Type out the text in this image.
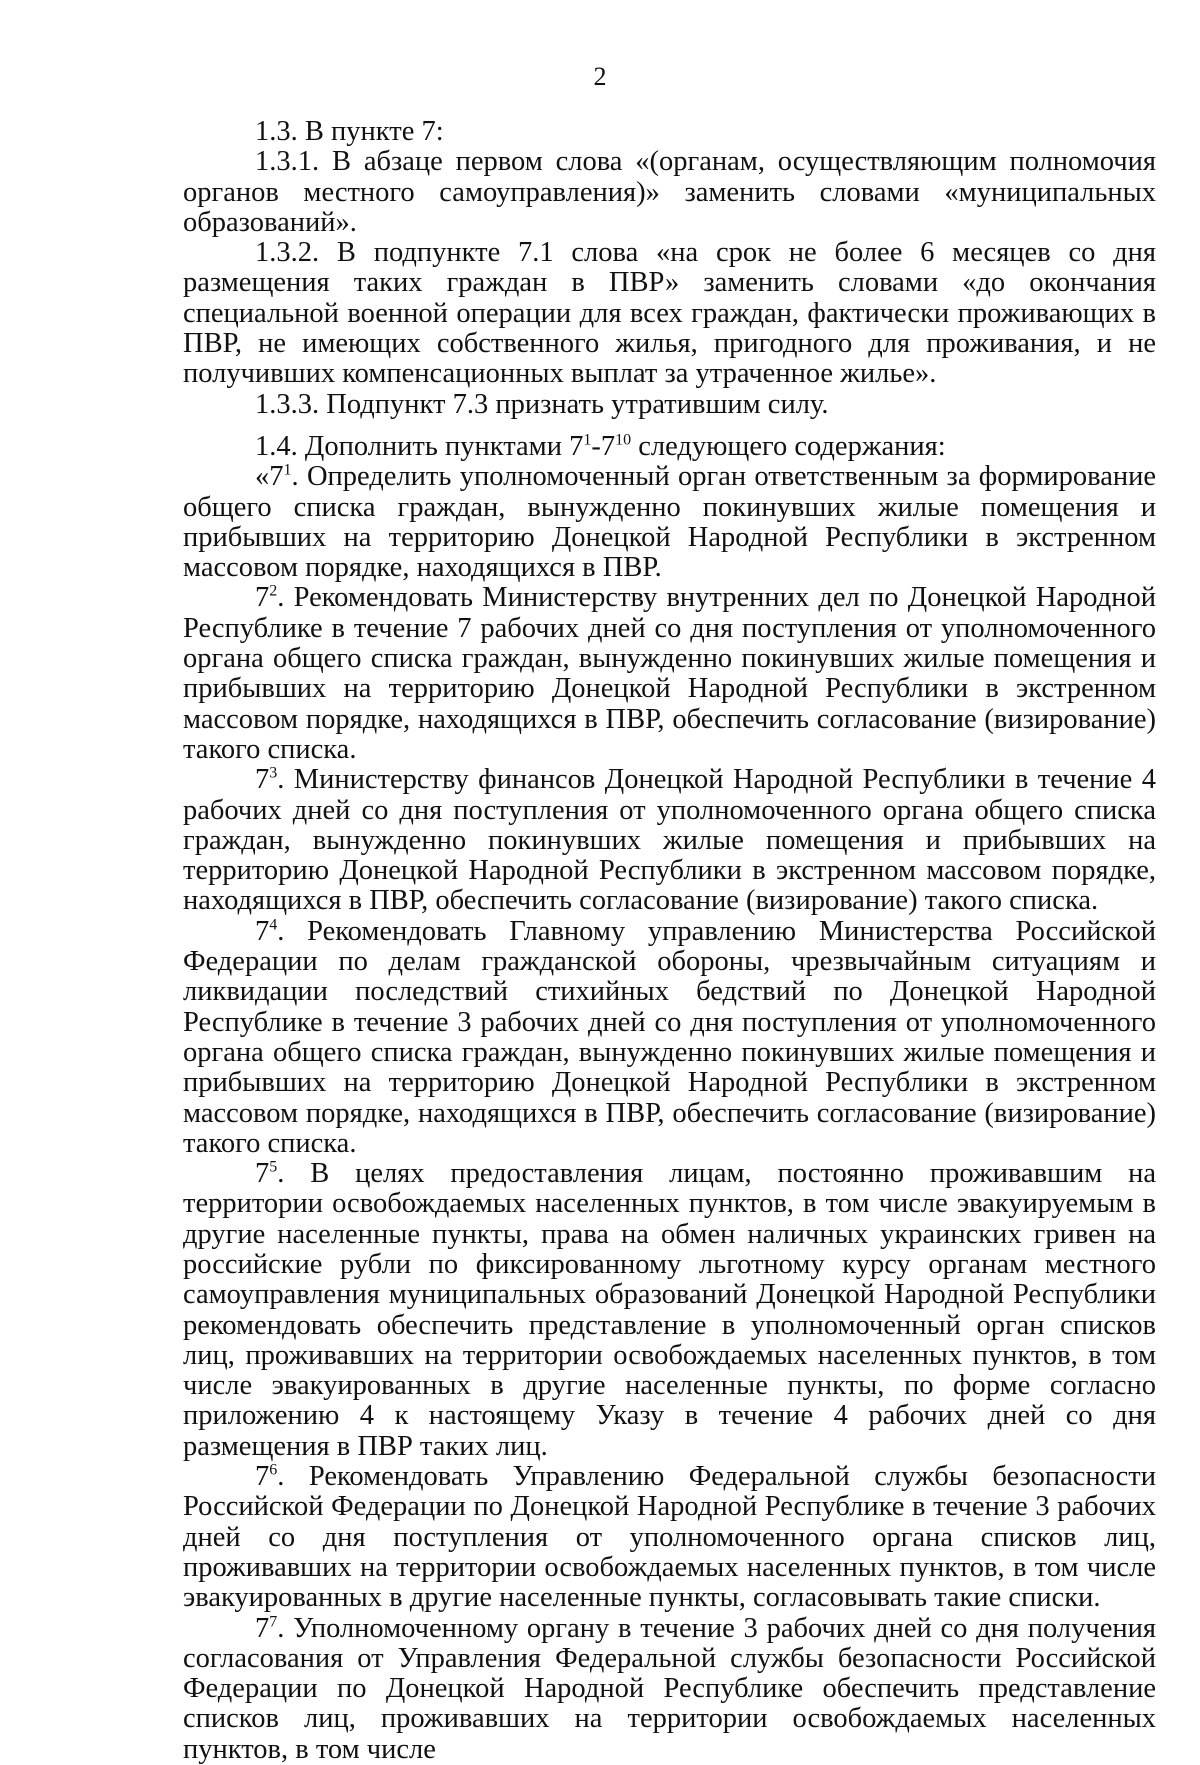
2

1.3. В пункте 7:

1.3.1. В абзаце первом слова «(органам, осуществляющим полномочия органов местного самоуправления)» заменить словами «муниципальных образований».

1.3.2. В подпункте 7.1 слова «на срок не более 6 месяцев со дня размещения таких граждан в ПВР» заменить словами «до окончания специальной военной операции для всех граждан, фактически проживающих в ПВР, не имеющих собственного жилья, пригодного для проживания, и не получивших компенсационных выплат за утраченное жилье».

1.3.3. Подпункт 7.3 признать утратившим силу.

1.4. Дополнить пунктами $7^1-7^{10}$ следующего содержания:

«$7^1$. Определить уполномоченный орган ответственным за формирование общего списка граждан, вынужденно покинувших жилые помещения и прибывших на территорию Донецкой Народной Республики в экстренном массовом порядке, находящихся в ПВР.

$7^2$. Рекомендовать Министерству внутренних дел по Донецкой Народной Республике в течение 7 рабочих дней со дня поступления от уполномоченного органа общего списка граждан, вынужденно покинувших жилые помещения и прибывших на территорию Донецкой Народной Республики в экстренном массовом порядке, находящихся в ПВР, обеспечить согласование (визирование) такого списка.

$7^3$. Министерству финансов Донецкой Народной Республики в течение 4 рабочих дней со дня поступления от уполномоченного органа общего списка граждан, вынужденно покинувших жилые помещения и прибывших на территорию Донецкой Народной Республики в экстренном массовом порядке, находящихся в ПВР, обеспечить согласование (визирование) такого списка.

$7^4$. Рекомендовать Главному управлению Министерства Российской Федерации по делам гражданской обороны, чрезвычайным ситуациям и ликвидации последствий стихийных бедствий по Донецкой Народной Республике в течение 3 рабочих дней со дня поступления от уполномоченного органа общего списка граждан, вынужденно покинувших жилые помещения и прибывших на территорию Донецкой Народной Республики в экстренном массовом порядке, находящихся в ПВР, обеспечить согласование (визирование) такого списка.

$7^5$. В целях предоставления лицам, постоянно проживавшим на территории освобождаемых населенных пунктов, в том числе эвакуируемым в другие населенные пункты, права на обмен наличных украинских гривен на российские рубли по фиксированному льготному курсу органам местного самоуправления муниципальных образований Донецкой Народной Республики рекомендовать обеспечить представление в уполномоченный орган списков лиц, проживавших на территории освобождаемых населенных пунктов, в том числе эвакуированных в другие населенные пункты, по форме согласно приложению 4 к настоящему Указу в течение 4 рабочих дней со дня размещения в ПВР таких лиц.

$7^6$. Рекомендовать Управлению Федеральной службы безопасности Российской Федерации по Донецкой Народной Республике в течение 3 рабочих дней со дня поступления от уполномоченного органа списков лиц, проживавших на территории освобождаемых населенных пунктов, в том числе эвакуированных в другие населенные пункты, согласовывать такие списки.

$7^7$. Уполномоченному органу в течение 3 рабочих дней со дня получения согласования от Управления Федеральной службы безопасности Российской Федерации по Донецкой Народной Республике обеспечить представление списков лиц, проживавших на территории освобождаемых населенных пунктов, в том числе
